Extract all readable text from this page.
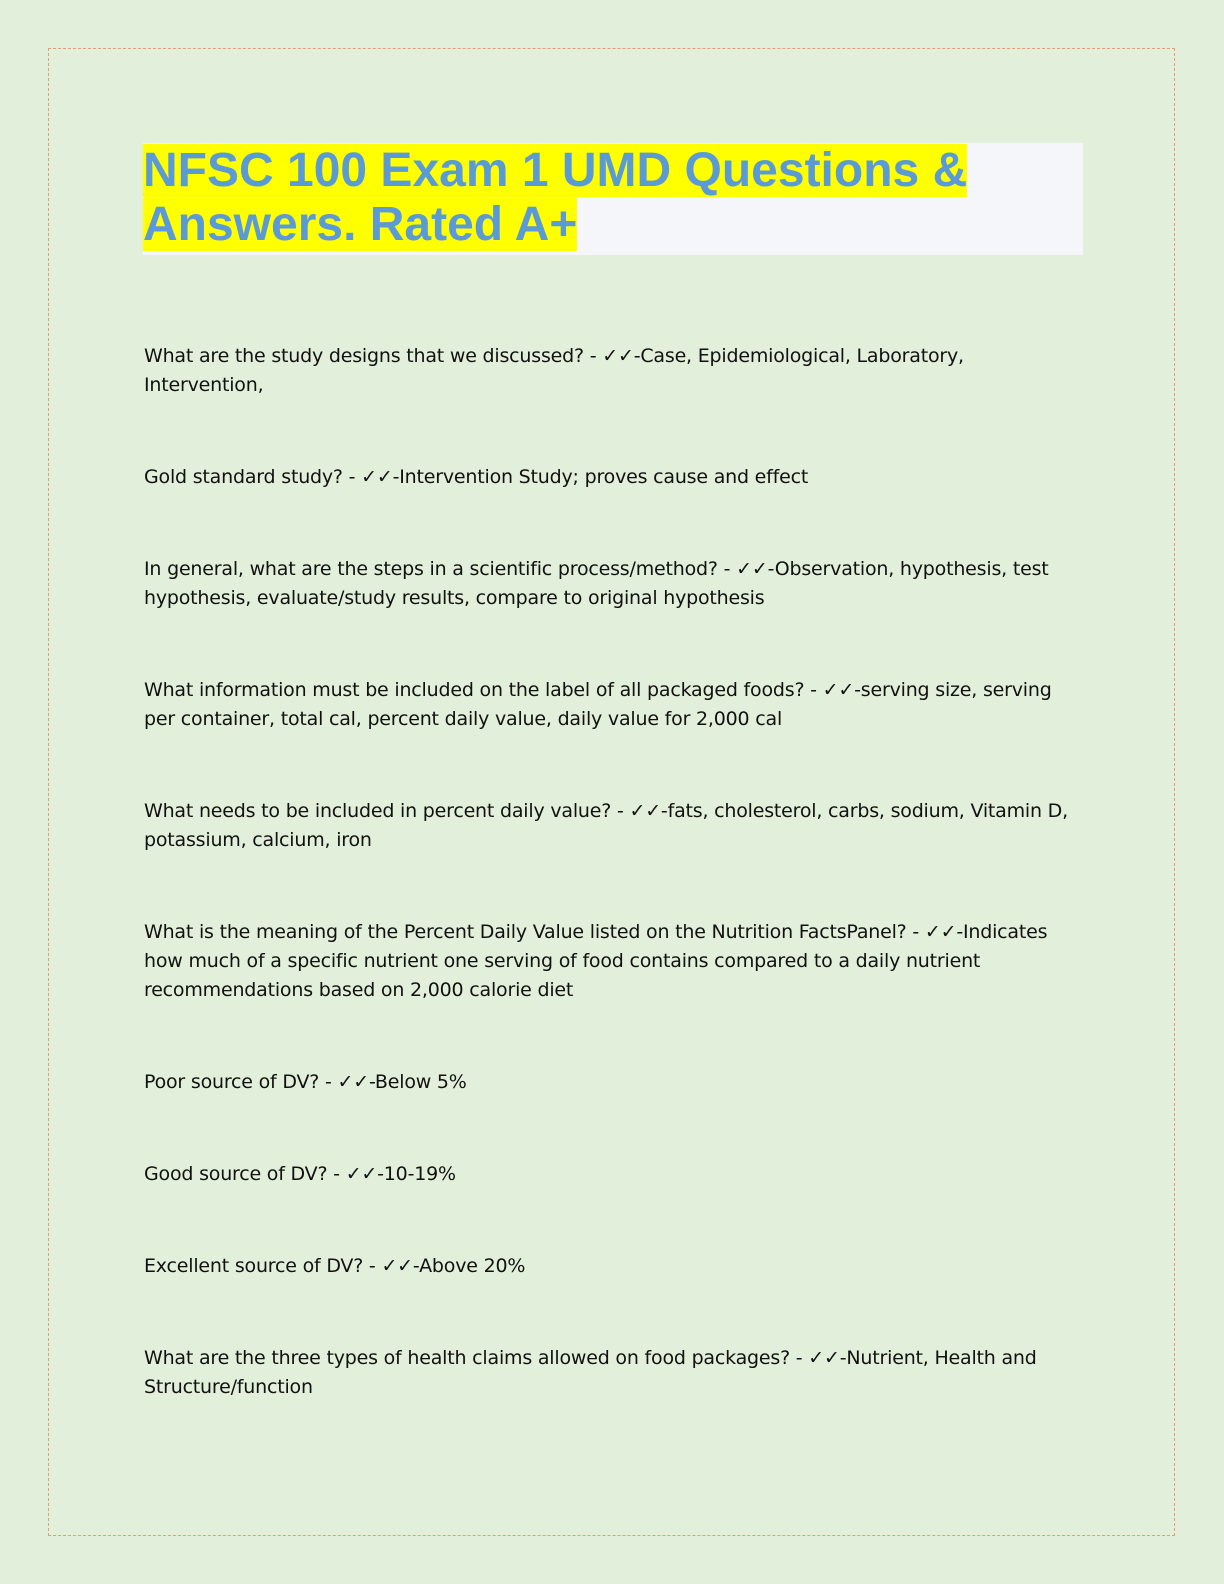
NFSC 100 Exam 1 UMD Questions &
Answers. Rated A+

What are the study designs that we discussed? - ✓✓-Case, Epidemiological, Laboratory, Intervention,

Gold standard study? - ✓✓-Intervention Study; proves cause and effect

In general, what are the steps in a scientific process/method? - ✓✓-Observation, hypothesis, test hypothesis, evaluate/study results, compare to original hypothesis

What information must be included on the label of all packaged foods? - ✓✓-serving size, serving per container, total cal, percent daily value, daily value for 2,000 cal

What needs to be included in percent daily value? - ✓✓-fats, cholesterol, carbs, sodium, Vitamin D, potassium, calcium, iron

What is the meaning of the Percent Daily Value listed on the Nutrition FactsPanel? - ✓✓-Indicates how much of a specific nutrient one serving of food contains compared to a daily nutrient recommendations based on 2,000 calorie diet

Poor source of DV? - ✓✓-Below 5%

Good source of DV? - ✓✓-10-19%

Excellent source of DV? - ✓✓-Above 20%

What are the three types of health claims allowed on food packages? - ✓✓-Nutrient, Health and Structure/function
